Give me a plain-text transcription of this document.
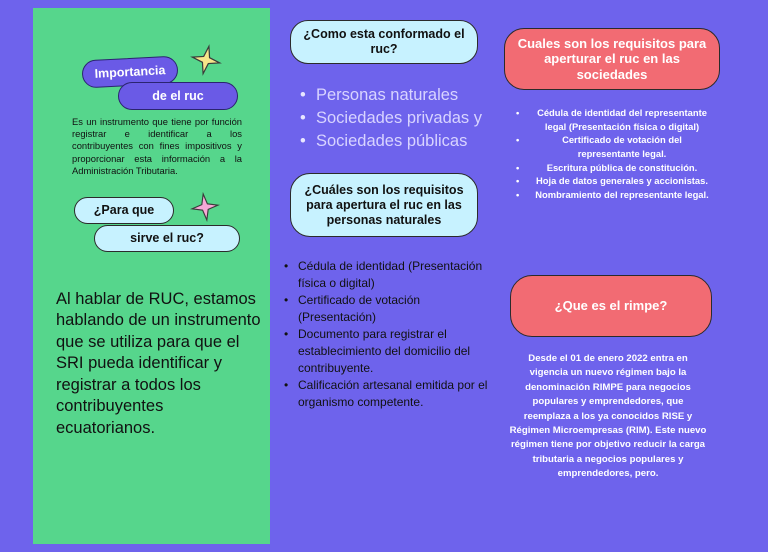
Importancia
de el ruc

Es un instrumento que tiene por función registrar e identificar a los contribuyentes con fines impositivos y proporcionar esta información a la Administración Tributaria.

¿Para que
sirve el ruc?

Al hablar de RUC, estamos hablando de un instrumento que se utiliza para que el SRI pueda identificar y registrar a todos los contribuyentes ecuatorianos.

¿Como esta conformado el ruc?
• Personas naturales
• Sociedades privadas y
• Sociedades públicas
¿Cuáles son los requisitos para apertura el ruc en las personas naturales
• Cédula de identidad (Presentación física o digital)
• Certificado de votación (Presentación)
• Documento para registrar el establecimiento del domicilio del contribuyente.
• Calificación artesanal emitida por el organismo competente.
Cuales son los requisitos para aperturar el ruc en las sociedades
• Cédula de identidad del representante legal (Presentación física o digital)
• Certificado de votación del representante legal.
• Escritura pública de constitución.
• Hoja de datos generales y accionistas.
• Nombramiento del representante legal.
¿Que es el rimpe?

Desde el 01 de enero 2022 entra en vigencia un nuevo régimen bajo la denominación RIMPE para negocios populares y emprendedores, que reemplaza a los ya conocidos RISE y Régimen Microempresas (RIM). Este nuevo régimen tiene por objetivo reducir la carga tributaria a negocios populares y emprendedores, pero.
